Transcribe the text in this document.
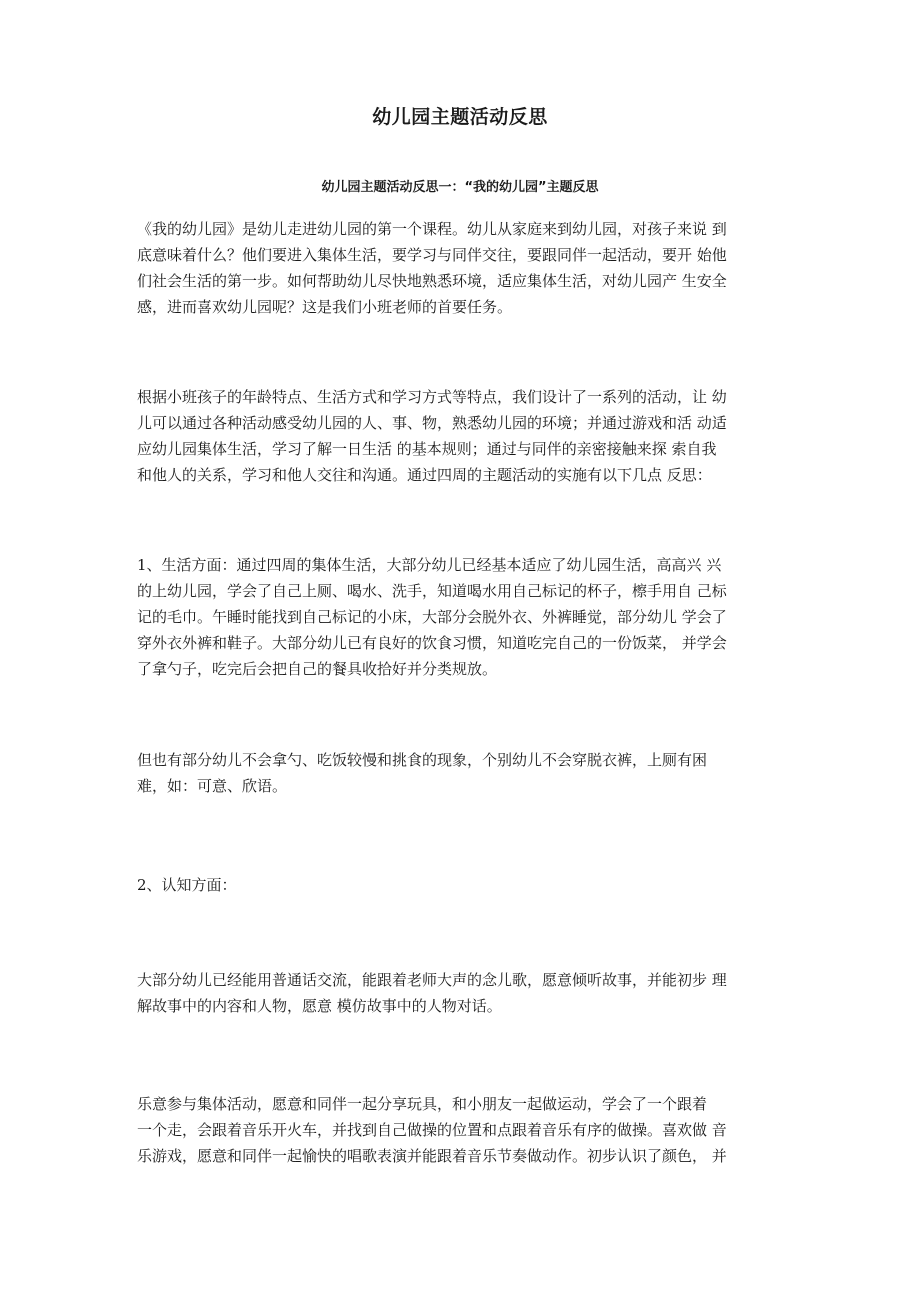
幼儿园主题活动反思
幼儿园主题活动反思一：“我的幼儿园”主题反思

《我的幼儿园》是幼儿走进幼儿园的第一个课程。幼儿从家庭来到幼儿园，对孩子来说 到
底意味着什么？他们要进入集体生活，要学习与同伴交往，要跟同伴一起活动，要开 始他
们社会生活的第一步。如何帮助幼儿尽快地熟悉环境，适应集体生活，对幼儿园产 生安全
感，进而喜欢幼儿园呢？这是我们小班老师的首要任务。

根据小班孩子的年龄特点、生活方式和学习方式等特点，我们设计了一系列的活动，让 幼
儿可以通过各种活动感受幼儿园的人、事、物，熟悉幼儿园的环境；并通过游戏和活 动适
应幼儿园集体生活，学习了解一日生活 的基本规则；通过与同伴的亲密接触来探 索自我
和他人的关系，学习和他人交往和沟通。通过四周的主题活动的实施有以下几点 反思：

1、生活方面：通过四周的集体生活，大部分幼儿已经基本适应了幼儿园生活，高高兴 兴
的上幼儿园，学会了自己上厕、喝水、洗手，知道喝水用自己标记的杯子，檫手用自 己标
记的毛巾。午睡时能找到自己标记的小床，大部分会脱外衣、外裤睡觉，部分幼儿 学会了
穿外衣外裤和鞋子。大部分幼儿已有良好的饮食习惯，知道吃完自己的一份饭菜， 并学会
了拿勺子，吃完后会把自己的餐具收拾好并分类规放。

但也有部分幼儿不会拿勺、吃饭较慢和挑食的现象，个别幼儿不会穿脱衣裤，上厕有困
难，如：可意、欣语。

2、认知方面：

大部分幼儿已经能用普通话交流，能跟着老师大声的念儿歌，愿意倾听故事，并能初步 理
解故事中的内容和人物，愿意 模仿故事中的人物对话。

乐意参与集体活动，愿意和同伴一起分享玩具，和小朋友一起做运动，学会了一个跟着
一个走，会跟着音乐开火车，并找到自己做操的位置和点跟着音乐有序的做操。喜欢做 音
乐游戏，愿意和同伴一起愉快的唱歌表演并能跟着音乐节奏做动作。初步认识了颜色， 并
